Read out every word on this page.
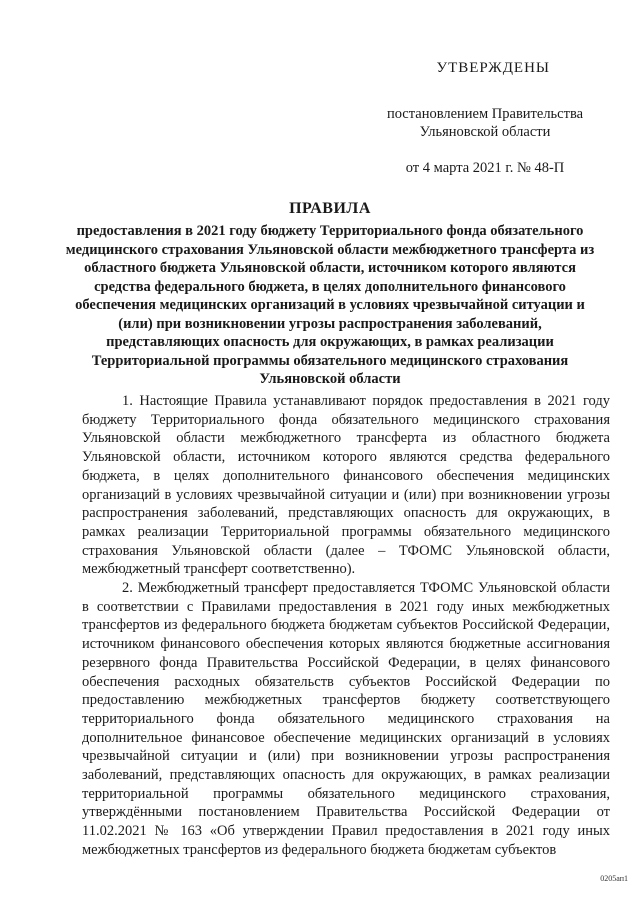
УТВЕРЖДЕНЫ
постановлением Правительства
Ульяновской области
от 4 марта 2021 г. № 48-П
ПРАВИЛА
предоставления в 2021 году бюджету Территориального фонда обязательного медицинского страхования Ульяновской области межбюджетного трансферта из областного бюджета Ульяновской области, источником которого являются средства федерального бюджета, в целях дополнительного финансового обеспечения медицинских организаций в условиях чрезвычайной ситуации и (или) при возникновении угрозы распространения заболеваний, представляющих опасность для окружающих, в рамках реализации Территориальной программы обязательного медицинского страхования Ульяновской области

1. Настоящие Правила устанавливают порядок предоставления в 2021 году бюджету Территориального фонда обязательного медицинского страхования Ульяновской области межбюджетного трансферта из областного бюджета Ульяновской области, источником которого являются средства федерального бюджета, в целях дополнительного финансового обеспечения медицинских организаций в условиях чрезвычайной ситуации и (или) при возникновении угрозы распространения заболеваний, представляющих опасность для окружающих, в рамках реализации Территориальной программы обязательного медицинского страхования Ульяновской области (далее – ТФОМС Ульяновской области, межбюджетный трансферт соответственно).

2. Межбюджетный трансферт предоставляется ТФОМС Ульяновской области в соответствии с Правилами предоставления в 2021 году иных межбюджетных трансфертов из федерального бюджета бюджетам субъектов Российской Федерации, источником финансового обеспечения которых являются бюджетные ассигнования резервного фонда Правительства Российской Федерации, в целях финансового обеспечения расходных обязательств субъектов Российской Федерации по предоставлению межбюджетных трансфертов бюджету соответствующего территориального фонда обязательного медицинского страхования на дополнительное финансовое обеспечение медицинских организаций в условиях чрезвычайной ситуации и (или) при возникновении угрозы распространения заболеваний, представляющих опасность для окружающих, в рамках реализации территориальной программы обязательного медицинского страхования, утверждёнными постановлением Правительства Российской Федерации от 11.02.2021 № 163 «Об утверждении Правил предоставления в 2021 году иных межбюджетных трансфертов из федерального бюджета бюджетам субъектов

0205ап1
